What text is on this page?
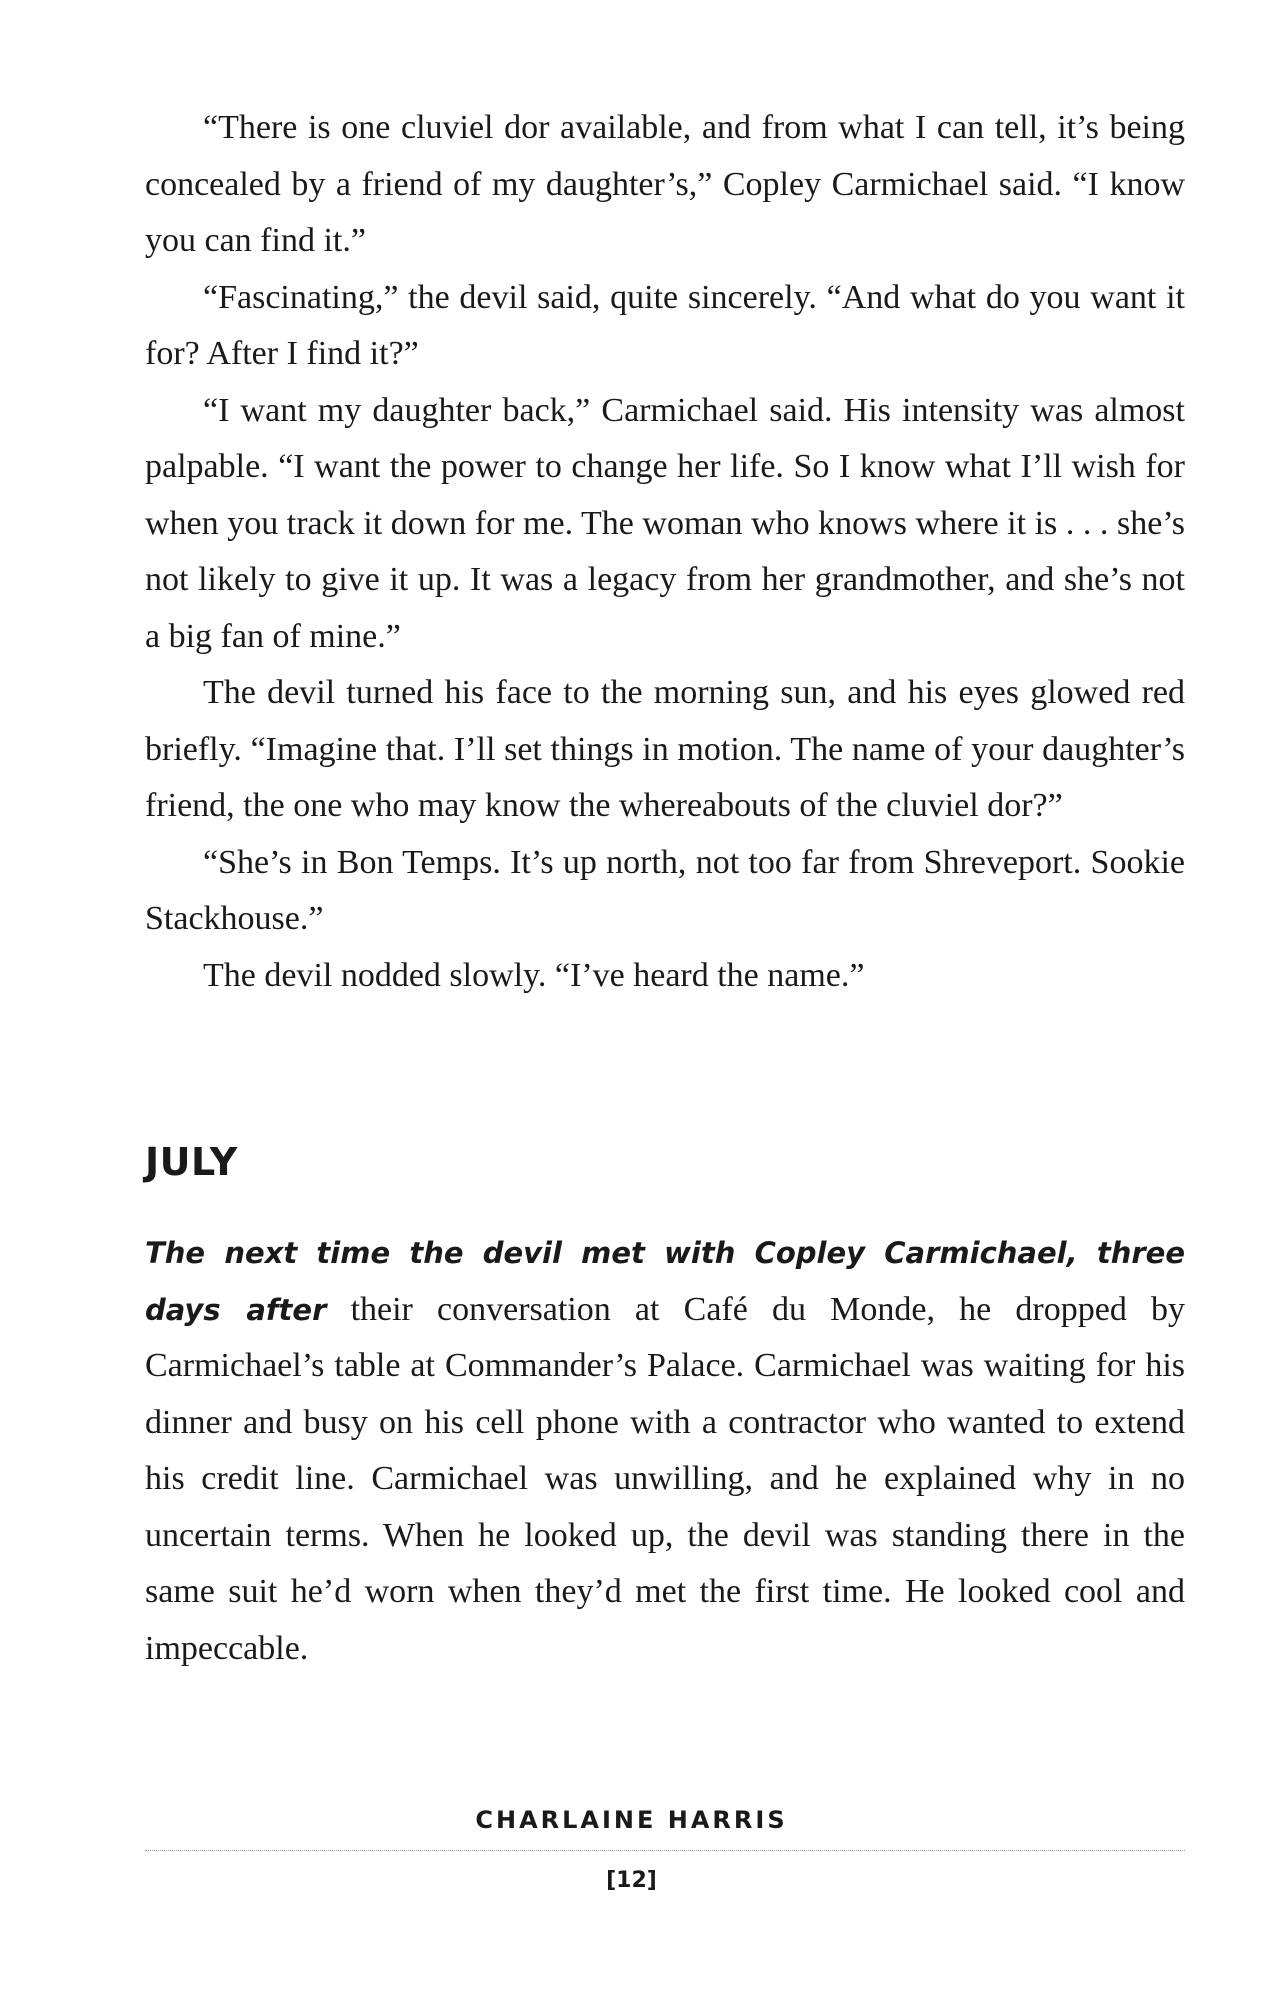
“There is one cluviel dor available, and from what I can tell, it’s being concealed by a friend of my daughter’s,” Copley Carmichael said. “I know you can find it.”

“Fascinating,” the devil said, quite sincerely. “And what do you want it for? After I find it?”

“I want my daughter back,” Carmichael said. His intensity was almost palpable. “I want the power to change her life. So I know what I’ll wish for when you track it down for me. The woman who knows where it is . . . she’s not likely to give it up. It was a legacy from her grandmother, and she’s not a big fan of mine.”

The devil turned his face to the morning sun, and his eyes glowed red briefly. “Imagine that. I’ll set things in motion. The name of your daughter’s friend, the one who may know the whereabouts of the cluviel dor?”

“She’s in Bon Temps. It’s up north, not too far from Shreveport. Sookie Stackhouse.”

The devil nodded slowly. “I’ve heard the name.”

JULY

The next time the devil met with Copley Carmichael, three days after their conversation at Café du Monde, he dropped by Carmichael’s table at Commander’s Palace. Carmichael was waiting for his dinner and busy on his cell phone with a contractor who wanted to extend his credit line. Carmichael was unwilling, and he explained why in no uncertain terms. When he looked up, the devil was standing there in the same suit he’d worn when they’d met the first time. He looked cool and impeccable.

CHARLAINE HARRIS
[12]
